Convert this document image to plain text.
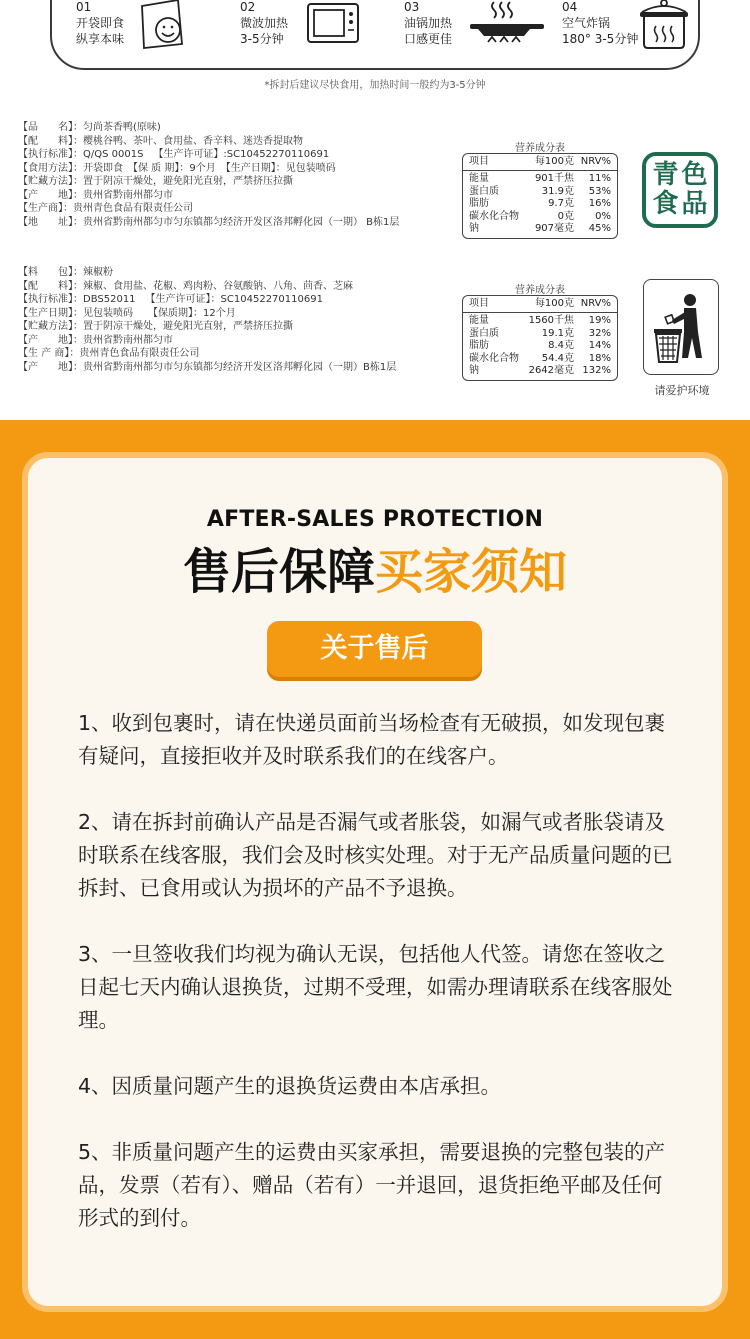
01
开袋即食
纵享本味
02
微波加热
3-5分钟
03
油锅加热
口感更佳
04
空气炸锅
180° 3-5分钟
*拆封后建议尽快食用，加热时间一般约为3-5分钟
【品　　名】：匀尚茶香鸭(原味)
【配　　料】：樱桃谷鸭、茶叶、食用盐、香辛料、迷迭香提取物
【执行标准】：Q/QS 0001S 【生产许可证】:SC10452270110691
【食用方法】：开袋即食　【保 质 期】：9个月　【生产日期】：见包装喷码
【贮藏方法】：置于阴凉干燥处，避免阳光直射，严禁挤压拉撕
【产　　地】：贵州省黔南州都匀市
【生产商】：贵州青色食品有限责任公司
【地　　址】：贵州省黔南州都匀市匀东镇都匀经济开发区洛邦孵化园（一期） B栋1层
营养成分表
项目	每100克 NRV%
能量	901千焦	11%
蛋白质	31.9克	53%
脂肪	9.7克	16%
碳水化合物	0克	0%
钠	907毫克	45%
青 色
食 品
【料　　包】：辣椒粉
【配　　料】：辣椒、食用盐、花椒、鸡肉粉、谷氨酸钠、八角、茴香、芝麻
【执行标准】：DBS52011 【生产许可证】：SC10452270110691
【生产日期】：见包装喷码　　【保质期】：12个月
【贮藏方法】：置于阴凉干燥处，避免阳光直射，严禁挤压拉撕
【产　　地】：贵州省黔南州都匀市
【生 产 商】：贵州青色食品有限责任公司
【产　　地】：贵州省黔南州都匀市匀东镇都匀经济开发区洛邦孵化园（一期）B栋1层
营养成分表
项目	每100克 NRV%
能量	1560千焦	19%
蛋白质	19.1克	32%
脂肪	8.4克	14%
碳水化合物	54.4克	18%
钠	2642毫克 132%
请爱护环境
AFTER-SALES PROTECTION
售后保障买家须知
关于售后

1、收到包裹时，请在快递员面前当场检查有无破损，如发现包裹有疑问，直接拒收并及时联系我们的在线客户。

2、请在拆封前确认产品是否漏气或者胀袋，如漏气或者胀袋请及时联系在线客服，我们会及时核实处理。对于无产品质量问题的已拆封、已食用或认为损坏的产品不予退换。

3、一旦签收我们均视为确认无误，包括他人代签。请您在签收之日起七天内确认退换货，过期不受理，如需办理请联系在线客服处理。

4、因质量问题产生的退换货运费由本店承担。

5、非质量问题产生的运费由买家承担，需要退换的完整包装的产品，发票（若有）、赠品（若有）一并退回，退货拒绝平邮及任何形式的到付。
